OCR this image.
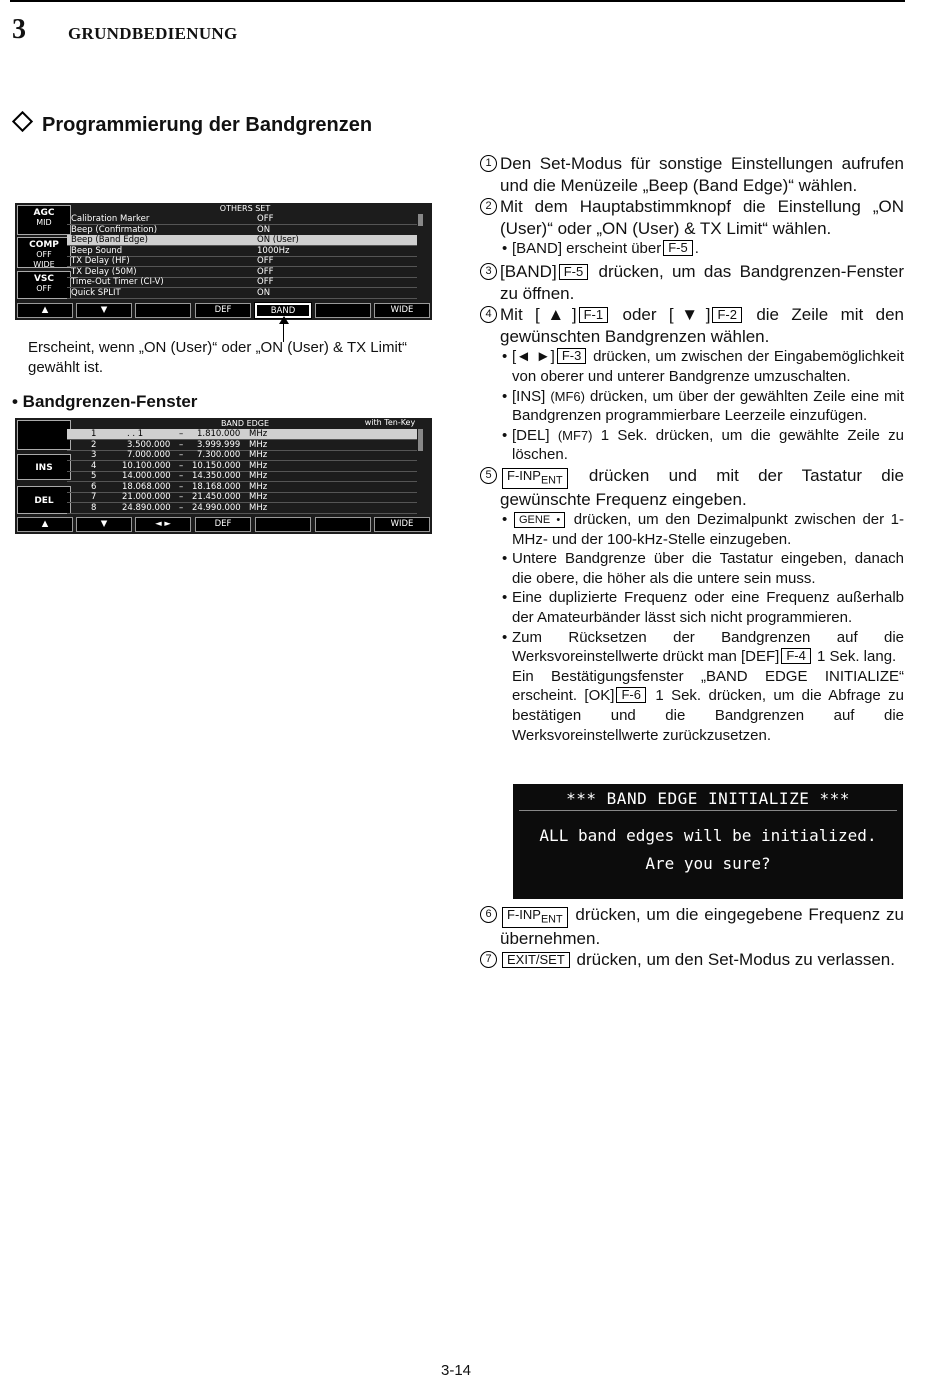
3 GRUNDBEDIENUNG
Programmierung der Bandgrenzen
AGC
MID
COMP
OFF
WIDE
VSC
OFF
OTHERS SET
Calibration Marker	OFF
Beep (Confirmation)	ON
Beep (Band Edge)	ON (User)
Beep Sound	1000Hz
TX Delay (HF)	OFF
TX Delay (50M)	OFF
Time-Out Timer (CI-V)	OFF
Quick SPLIT	ON
▲	▼	DEF	BAND	WIDE
Erscheint, wenn „ON (User)“ oder „ON (User) & TX Limit“ gewählt ist.
• Bandgrenzen-Fenster
INS
DEL
BAND EDGE	with Ten-Key
1	. . 1	– 1.810.000 MHz
2	3.500.000 – 3.999.999 MHz
3	7.000.000 – 7.300.000 MHz
4	10.100.000 – 10.150.000 MHz
5	14.000.000 – 14.350.000 MHz
6	18.068.000 – 18.168.000 MHz
7	21.000.000 – 21.450.000 MHz
8	24.890.000 – 24.990.000 MHz
▲	▼	◄ ►	DEF	WIDE
1 Den Set-Modus für sonstige Einstellungen aufrufen und die Menüzeile „Beep (Band Edge)“ wählen.
2 Mit dem Hauptabstimmknopf die Einstellung „ON (User)“ oder „ON (User) & TX Limit“ wählen.
• [BAND] erscheint über F-5 .
3 [BAND] F-5 drücken, um das Bandgrenzen-Fenster zu öffnen.
4 Mit [▲] F-1 oder [▼] F-2 die Zeile mit den gewünschten Bandgrenzen wählen.
• [◄ ►] F-3 drücken, um zwischen der Eingabemöglichkeit von oberer und unterer Bandgrenze umzuschalten.
• [INS] (MF6) drücken, um über der gewählten Zeile eine mit Bandgrenzen programmierbare Leerzeile einzufügen.
• [DEL] (MF7) 1 Sek. drücken, um die gewählte Zeile zu löschen.
5	$F-INP_{ENT}$ drücken und mit der Tastatur die gewünschte Frequenz eingeben.
• GENE • drücken, um den Dezimalpunkt zwischen der 1-MHz- und der 100-kHz-Stelle einzugeben.
• Untere Bandgrenze über die Tastatur eingeben, danach die obere, die höher als die untere sein muss.
• Eine duplizierte Frequenz oder eine Frequenz außerhalb der Amateurbänder lässt sich nicht programmieren.
• Zum Rücksetzen der Bandgrenzen auf die Werksvoreinstellwerte drückt man [DEF] F-4 1 Sek. lang.
Ein Bestätigungsfenster „BAND EDGE INITIALIZE“ erscheint. [OK] F-6 1 Sek. drücken, um die Abfrage zu bestätigen und die Bandgrenzen auf die Werksvoreinstellwerte zurückzusetzen.
*** BAND EDGE INITIALIZE ***
ALL band edges will be initialized.
Are you sure?
6	$F-INP_{ENT}$ drücken, um die eingegebene Frequenz zu übernehmen.
7	EXIT/SET drücken, um den Set-Modus zu verlassen.
3-14
